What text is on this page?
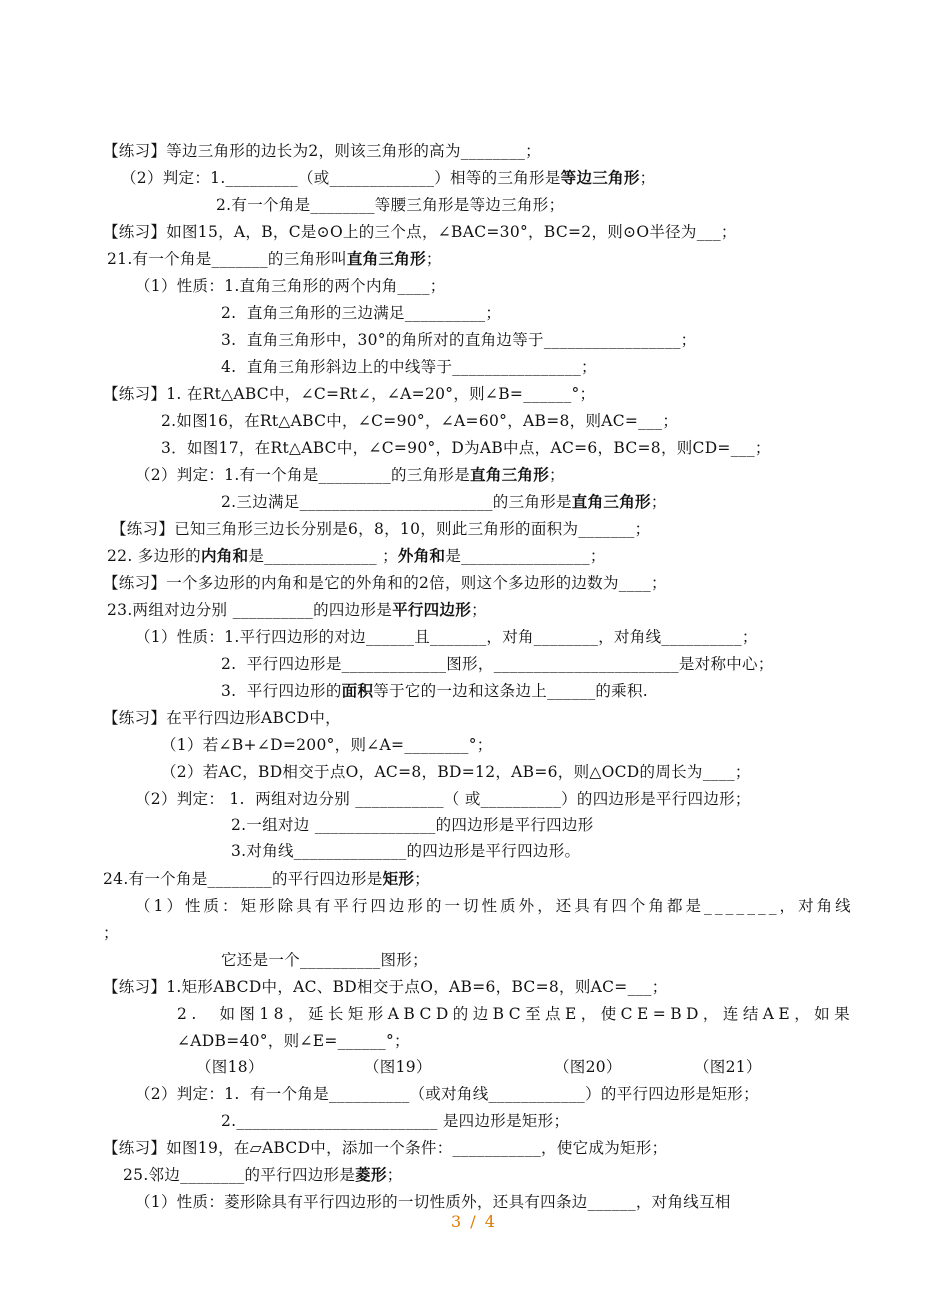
【练习】等边三角形的边长为2，则该三角形的高为________；
（2）判定：1._________（或_____________）相等的三角形是等边三角形；
2.有一个角是________等腰三角形是等边三角形；
【练习】如图15，A，B，C是⊙O上的三个点，∠BAC=30°，BC=2，则⊙O半径为___；
21.有一个角是_______的三角形叫直角三角形；
（1）性质：1.直角三角形的两个内角____；
2.  直角三角形的三边满足__________；
3.  直角三角形中，30°的角所对的直角边等于_________________；
4.  直角三角形斜边上的中线等于________________；
【练习】1. 在Rt△ABC中，∠C=Rt∠，∠A=20°，则∠B=______°；
2.如图16，在Rt△ABC中，∠C=90°，∠A=60°，AB=8，则AC=___；
3．如图17，在Rt△ABC中，∠C=90°，D为AB中点，AC=6，BC=8，则CD=___；
（2）判定：1.有一个角是_________的三角形是直角三角形；
2.三边满足________________________的三角形是直角三角形；
【练习】已知三角形三边长分别是6，8，10，则此三角形的面积为_______；
22. 多边形的内角和是______________ ；外角和是________________；
【练习】一个多边形的内角和是它的外角和的2倍，则这个多边形的边数为____；
23.两组对边分别 __________的四边形是平行四边形；
（1）性质：1.平行四边形的对边______且_______，对角________，对角线__________；
2.  平行四边形是_____________图形，_______________________是对称中心；
3.  平行四边形的面积等于它的一边和这条边上______的乘积.
【练习】在平行四边形ABCD中，
（1）若∠B+∠D=200°，则∠A=________°；
（2）若AC，BD相交于点O，AC=8，BD=12，AB=6，则△OCD的周长为____；
（2）判定： 1.  两组对边分别 ___________（ 或__________）的四边形是平行四边形；
2.一组对边 _______________的四边形是平行四边形
3.对角线______________的四边形是平行四边形。
24.有一个角是________的平行四边形是矩形；
（1）性质：矩形除具有平行四边形的一切性质外，还具有四个角都是_______，对角线
；
它还是一个__________图形；
【练习】1.矩形ABCD中，AC、BD相交于点O，AB=6，BC=8，则AC=___；
2.  如图18，延长矩形ABCD的边BC至点E，使CE=BD，连结AE，如果
∠ADB=40°，则∠E=______°；
（图18）	（图19）	（图20）	（图21）
（2）判定：1.  有一个角是__________（或对角线____________）的平行四边形是矩形；
2._________________________ 是四边形是矩形；
【练习】如图19，在▱ABCD中，添加一个条件：___________，使它成为矩形；
25.邻边________的平行四边形是菱形；
（1）性质：菱形除具有平行四边形的一切性质外，还具有四条边______，对角线互相
3 / 4
